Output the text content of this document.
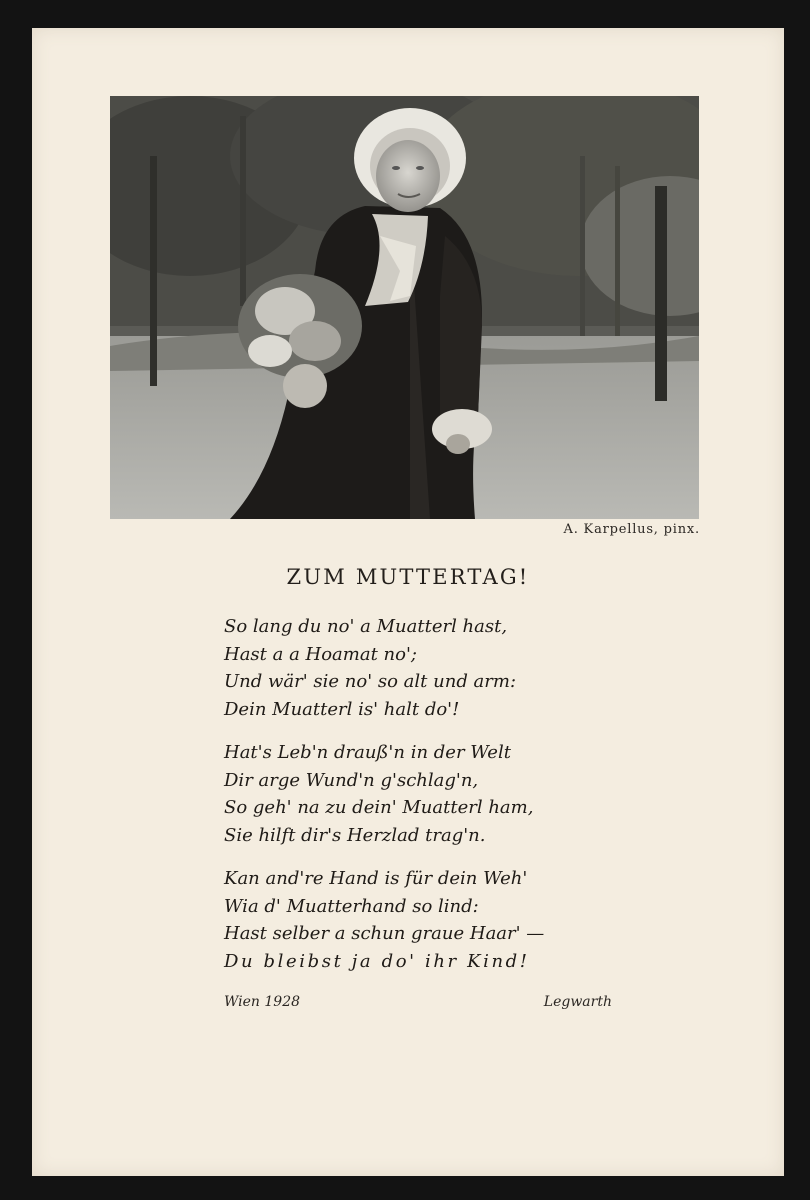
A. Karpellus, pinx.
ZUM MUTTERTAG!
So lang du no' a Muatterl hast,
Hast a a Hoamat no';
Und wär' sie no' so alt und arm:
Dein Muatterl is' halt do'!
Hat's Leb'n drauß'n in der Welt
Dir arge Wund'n g'schlag'n,
So geh' na zu dein' Muatterl ham,
Sie hilft dir's Herzlad trag'n.
Kan and're Hand is für dein Weh'
Wia d' Muatterhand so lind:
Hast selber a schun graue Haar' —
Du bleibst ja do' ihr Kind!
Wien 1928	Legwarth
